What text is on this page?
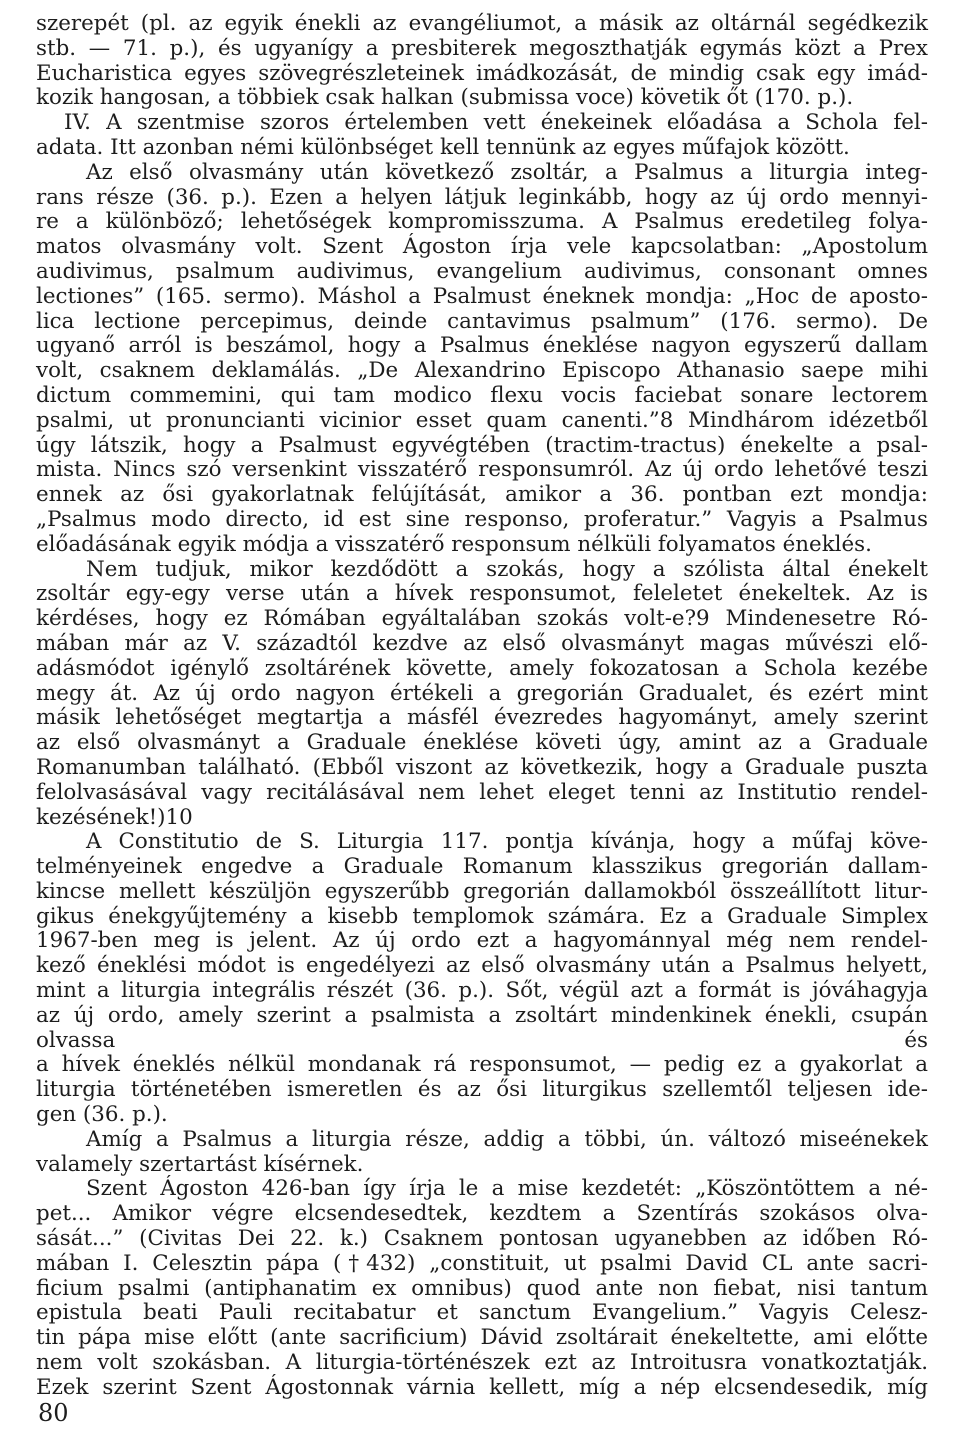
szerepét (pl. az egyik énekli az evangéliumot, a másik az oltárnál segédkezik
stb. — 71. p.), és ugyanígy a presbiterek megoszthatják egymás közt a Prex
Eucharistica egyes szövegrészleteinek imádkozását, de mindig csak egy imád-
kozik hangosan, a többiek csak halkan (submissa voce) követik őt (170. p.).
IV. A szentmise szoros értelemben vett énekeinek előadása a Schola fel-
adata. Itt azonban némi különbséget kell tennünk az egyes műfajok között.
Az első olvasmány után következő zsoltár, a Psalmus a liturgia integ-
rans része (36. p.). Ezen a helyen látjuk leginkább, hogy az új ordo mennyi-
re a különböző; lehetőségek kompromisszuma. A Psalmus eredetileg folya-
matos olvasmány volt. Szent Ágoston írja vele kapcsolatban: „Apostolum
audivimus, psalmum audivimus, evangelium audivimus, consonant omnes
lectiones” (165. sermo). Máshol a Psalmust éneknek mondja: „Hoc de aposto-
lica lectione percepimus, deinde cantavimus psalmum” (176. sermo). De
ugyanő arról is beszámol, hogy a Psalmus éneklése nagyon egyszerű dallam
volt, csaknem deklamálás. „De Alexandrino Episcopo Athanasio saepe mihi
dictum commemini, qui tam modico flexu vocis faciebat sonare lectorem
psalmi, ut pronuncianti vicinior esset quam canenti.”8 Mindhárom idézetből
úgy látszik, hogy a Psalmust egyvégtében (tractim-tractus) énekelte a psal-
mista. Nincs szó versenkint visszatérő responsumról. Az új ordo lehetővé teszi
ennek az ősi gyakorlatnak felújítását, amikor a 36. pontban ezt mondja:
„Psalmus modo directo, id est sine responso, proferatur.” Vagyis a Psalmus
előadásának egyik módja a visszatérő responsum nélküli folyamatos éneklés.
Nem tudjuk, mikor kezdődött a szokás, hogy a szólista által énekelt
zsoltár egy-egy verse után a hívek responsumot, feleletet énekeltek. Az is
kérdéses, hogy ez Rómában egyáltalában szokás volt-e?9 Mindenesetre Ró-
mában már az V. századtól kezdve az első olvasmányt magas művészi elő-
adásmódot igénylő zsoltárének követte, amely fokozatosan a Schola kezébe
megy át. Az új ordo nagyon értékeli a gregorián Gradualet, és ezért mint
másik lehetőséget megtartja a másfél évezredes hagyományt, amely szerint
az első olvasmányt a Graduale éneklése követi úgy, amint az a Graduale
Romanumban található. (Ebből viszont az következik, hogy a Graduale puszta
felolvasásával vagy recitálásával nem lehet eleget tenni az Institutio rendel-
kezésének!)10
A Constitutio de S. Liturgia 117. pontja kívánja, hogy a műfaj köve-
telményeinek engedve a Graduale Romanum klasszikus gregorián dallam-
kincse mellett készüljön egyszerűbb gregorián dallamokból összeállított litur-
gikus énekgyűjtemény a kisebb templomok számára. Ez a Graduale Simplex
1967-ben meg is jelent. Az új ordo ezt a hagyománnyal még nem rendel-
kező éneklési módot is engedélyezi az első olvasmány után a Psalmus helyett,
mint a liturgia integrális részét (36. p.). Sőt, végül azt a formát is jóváhagyja
az új ordo, amely szerint a psalmista a zsoltárt mindenkinek énekli, csupán olvassa és
a hívek éneklés nélkül mondanak rá responsumot, — pedig ez a gyakorlat a
liturgia történetében ismeretlen és az ősi liturgikus szellemtől teljesen ide-
gen (36. p.).
Amíg a Psalmus a liturgia része, addig a többi, ún. változó miseénekek
valamely szertartást kísérnek.
Szent Ágoston 426-ban így írja le a mise kezdetét: „Köszöntöttem a né-
pet... Amikor végre elcsendesedtek, kezdtem a Szentírás szokásos olva-
sását...” (Civitas Dei 22. k.) Csaknem pontosan ugyanebben az időben Ró-
mában I. Celesztin pápa (†432) „constituit, ut psalmi David CL ante sacri-
ficium psalmi (antiphanatim ex omnibus) quod ante non fiebat, nisi tantum
epistula beati Pauli recitabatur et sanctum Evangelium.” Vagyis Celesz-
tin pápa mise előtt (ante sacrificium) Dávid zsoltárait énekeltette, ami előtte
nem volt szokásban. A liturgia-történészek ezt az Introitusra vonatkoztatják.
Ezek szerint Szent Ágostonnak várnia kellett, míg a nép elcsendesedik, míg
80
